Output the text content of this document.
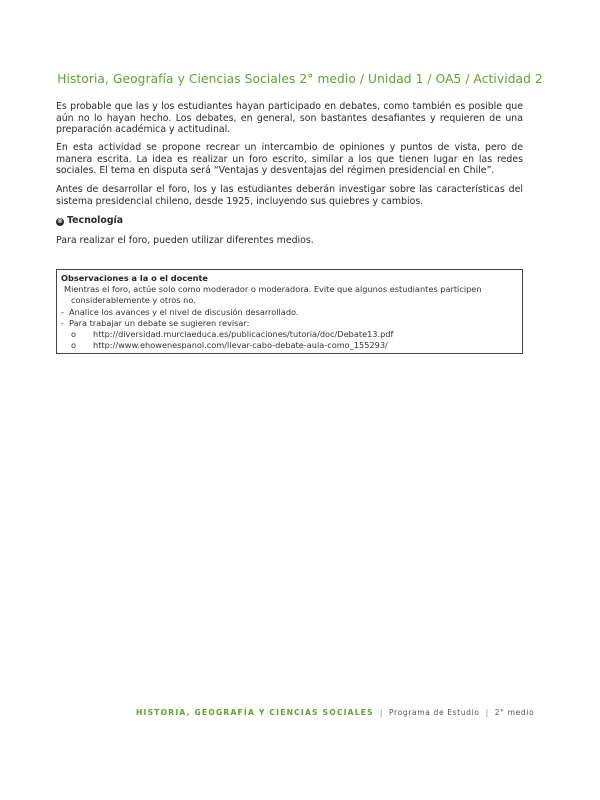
Historia, Geografía y Ciencias Sociales 2° medio / Unidad 1 / OA5 / Actividad 2

Es probable que las y los estudiantes hayan participado en debates, como también es posible que aún no lo hayan hecho. Los debates, en general, son bastantes desafiantes y requieren de una preparación académica y actitudinal.

En esta actividad se propone recrear un intercambio de opiniones y puntos de vista, pero de manera escrita. La idea es realizar un foro escrito, similar a los que tienen lugar en las redes sociales. El tema en disputa será “Ventajas y desventajas del régimen presidencial en Chile”.

Antes de desarrollar el foro, los y las estudiantes deberán investigar sobre las características del sistema presidencial chileno, desde 1925, incluyendo sus quiebres y cambios.

® Tecnología

Para realizar el foro, pueden utilizar diferentes medios.

Observaciones a la o el docente
Mientras el foro, actúe solo como moderador o moderadora. Evite que algunos estudiantes participen
considerablemente y otros no.
- Analice los avances y el nivel de discusión desarrollado.
- Para trabajar un debate se sugieren revisar:
o http://diversidad.murciaeduca.es/publicaciones/tutoria/doc/Debate13.pdf
o http://www.ehowenespanol.com/llevar-cabo-debate-aula-como_155293/
HISTORIA, GEOGRAFÍA Y CIENCIAS SOCIALES | Programa de Estudio | 2° medio
